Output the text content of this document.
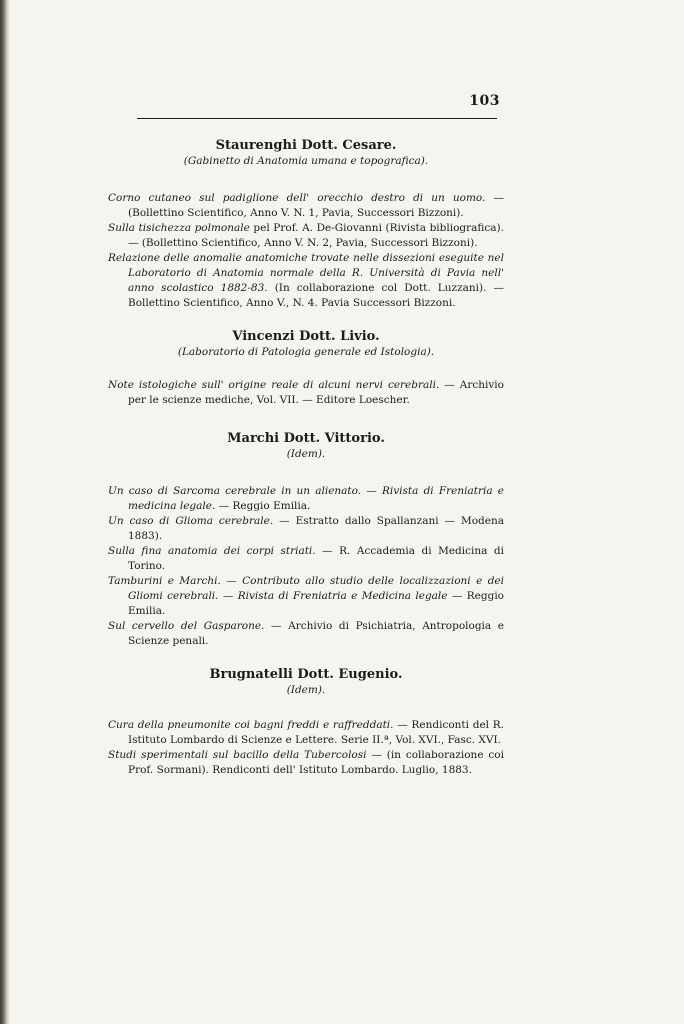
103

Staurenghi Dott. Cesare.

(Gabinetto di Anatomia umana e topografica).

Corno cutaneo sul padiglione dell' orecchio destro di un uomo. — (Bollettino Scientifico, Anno V. N. 1, Pavia, Successori Bizzoni).

Sulla tisichezza polmonale pel Prof. A. De-Giovanni (Rivista bibliografica). — (Bollettino Scientifico, Anno V. N. 2, Pavia, Successori Bizzoni).

Relazione delle anomalie anatomiche trovate nelle dissezioni eseguite nel Laboratorio di Anatomia normale della R. Università di Pavia nell' anno scolastico 1882-83. (In collaborazione col Dott. Luzzani). — Bollettino Scientifico, Anno V., N. 4. Pavia Successori Bizzoni.

Vincenzi Dott. Livio.

(Laboratorio di Patologia generale ed Istologia).

Note istologiche sull' origine reale di alcuni nervi cerebrali. — Archivio per le scienze mediche, Vol. VII. — Editore Loescher.

Marchi Dott. Vittorio.

(Idem).

Un caso di Sarcoma cerebrale in un alienato. — Rivista di Freniatria e medicina legale. — Reggio Emilia.

Un caso di Glioma cerebrale. — Estratto dallo Spallanzani — Modena 1883).

Sulla fina anatomia dei corpi striati. — R. Accademia di Medicina di Torino.

Tamburini e Marchi. — Contributo allo studio delle localizzazioni e dei Gliomi cerebrali. — Rivista di Freniatria e Medicina legale — Reggio Emilia.

Sul cervello del Gasparone. — Archivio di Psichiatria, Antropologia e Scienze penali.

Brugnatelli Dott. Eugenio.

(Idem).

Cura della pneumonite coi bagni freddi e raffreddati. — Rendiconti del R. Istituto Lombardo di Scienze e Lettere. Serie II.ª, Vol. XVI., Fasc. XVI.

Studi sperimentali sul bacillo della Tubercolosi — (in collaborazione coi Prof. Sormani). Rendiconti dell' Istituto Lombardo. Luglio, 1883.
